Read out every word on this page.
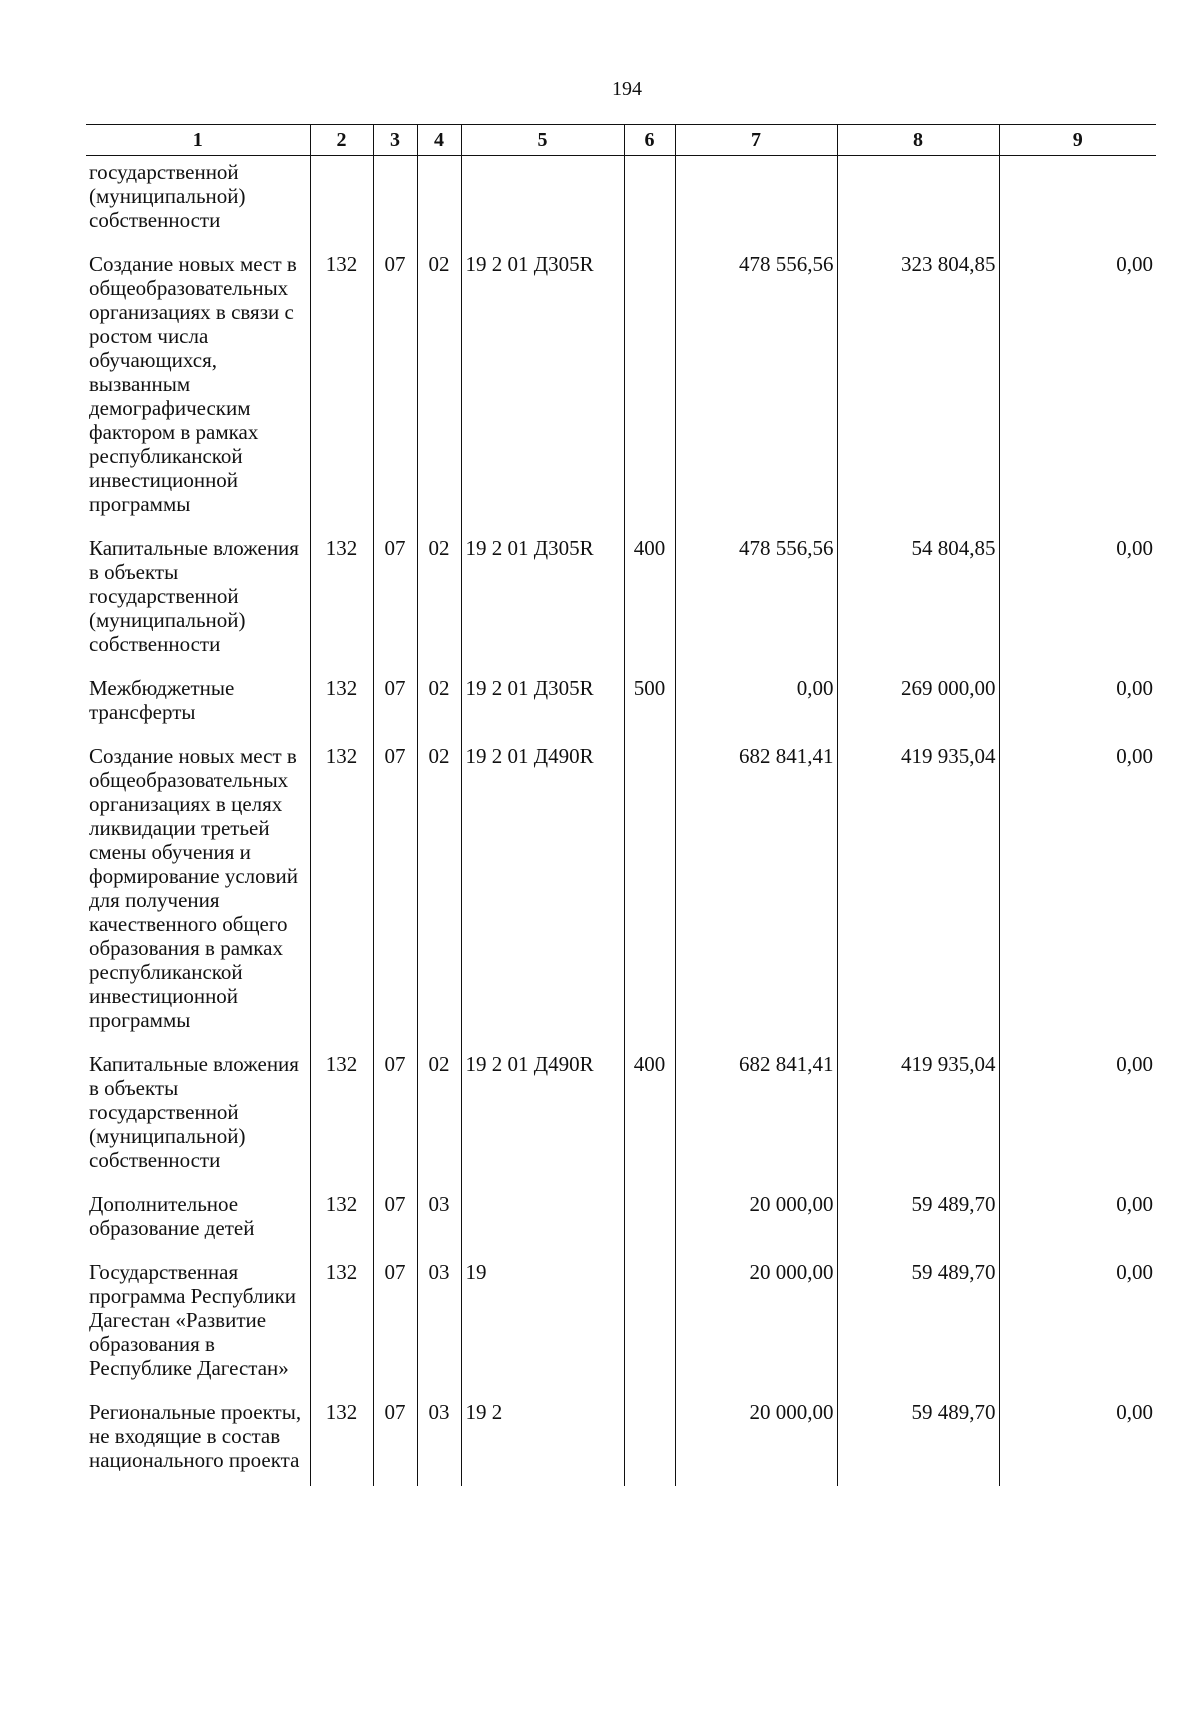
194
1	2	3	4	5	6	7	8	9
государственной (муниципальной) собственности								
Создание новых мест в общеобразовательных организациях в связи с ростом числа обучающихся, вызванным демографическим фактором в рамках республиканской инвестиционной программы	132	07	02	19 2 01 Д305R		478 556,56	323 804,85	0,00
Капитальные вложения в объекты государственной (муниципальной) собственности	132	07	02	19 2 01 Д305R	400	478 556,56	54 804,85	0,00
Межбюджетные трансферты	132	07	02	19 2 01 Д305R	500	0,00	269 000,00	0,00
Создание новых мест в общеобразовательных организациях в целях ликвидации третьей смены обучения и формирование условий для получения качественного общего образования в рамках республиканской инвестиционной программы	132	07	02	19 2 01 Д490R		682 841,41	419 935,04	0,00
Капитальные вложения в объекты государственной (муниципальной) собственности	132	07	02	19 2 01 Д490R	400	682 841,41	419 935,04	0,00
Дополнительное образование детей	132	07	03			20 000,00	59 489,70	0,00
Государственная программа Республики Дагестан «Развитие образования в Республике Дагестан»	132	07	03	19		20 000,00	59 489,70	0,00
Региональные проекты, не входящие в состав национального проекта	132	07	03	19 2		20 000,00	59 489,70	0,00
